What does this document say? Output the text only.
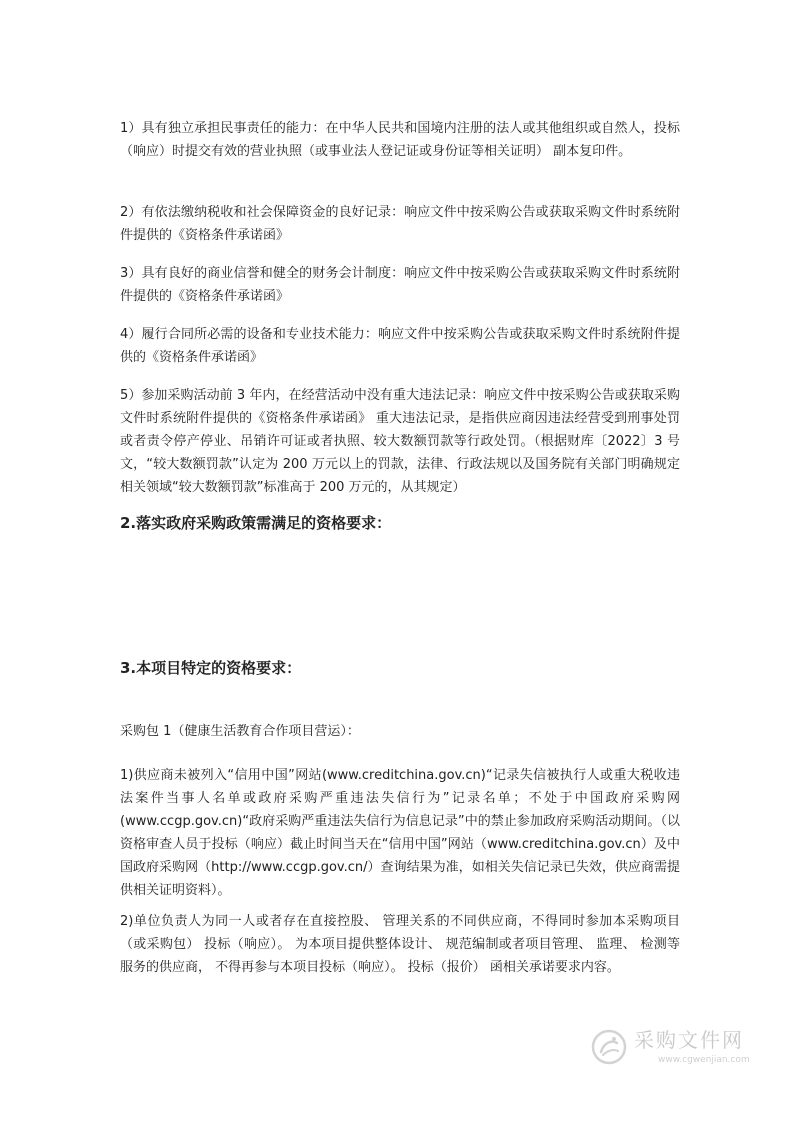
1）具有独立承担民事责任的能力：在中华人民共和国境内注册的法人或其他组织或自然人，投标（响应）时提交有效的营业执照（或事业法人登记证或身份证等相关证明） 副本复印件。

2）有依法缴纳税收和社会保障资金的良好记录：响应文件中按采购公告或获取采购文件时系统附件提供的《资格条件承诺函》

3）具有良好的商业信誉和健全的财务会计制度：响应文件中按采购公告或获取采购文件时系统附件提供的《资格条件承诺函》

4）履行合同所必需的设备和专业技术能力：响应文件中按采购公告或获取采购文件时系统附件提供的《资格条件承诺函》

5）参加采购活动前 3 年内，在经营活动中没有重大违法记录：响应文件中按采购公告或获取采购文件时系统附件提供的《资格条件承诺函》 重大违法记录，是指供应商因违法经营受到刑事处罚或者责令停产停业、吊销许可证或者执照、较大数额罚款等行政处罚。（根据财库〔2022〕3 号文，“较大数额罚款”认定为 200 万元以上的罚款，法律、行政法规以及国务院有关部门明确规定相关领域“较大数额罚款”标准高于 200 万元的，从其规定）

2.落实政府采购政策需满足的资格要求：
3.本项目特定的资格要求：

采购包 1（健康生活教育合作项目营运）：

1)供应商未被列入“信用中国”网站(www.creditchina.gov.cn)“记录失信被执行人或重大税收违法案件当事人名单或政府采购严重违法失信行为”记录名单；不处于中国政府采购网(www.ccgp.gov.cn)“政府采购严重违法失信行为信息记录”中的禁止参加政府采购活动期间。（以资格审查人员于投标（响应）截止时间当天在“信用中国”网站（www.creditchina.gov.cn）及中国政府采购网（http://www.ccgp.gov.cn/）查询结果为准，如相关失信记录已失效，供应商需提供相关证明资料）。

2)单位负责人为同一人或者存在直接控股、 管理关系的不同供应商，不得同时参加本采购项目（或采购包） 投标（响应）。 为本项目提供整体设计、 规范编制或者项目管理、 监理、 检测等服务的供应商， 不得再参与本项目投标（响应）。 投标（报价） 函相关承诺要求内容。

采购文件网
www.cgwenjian.com
